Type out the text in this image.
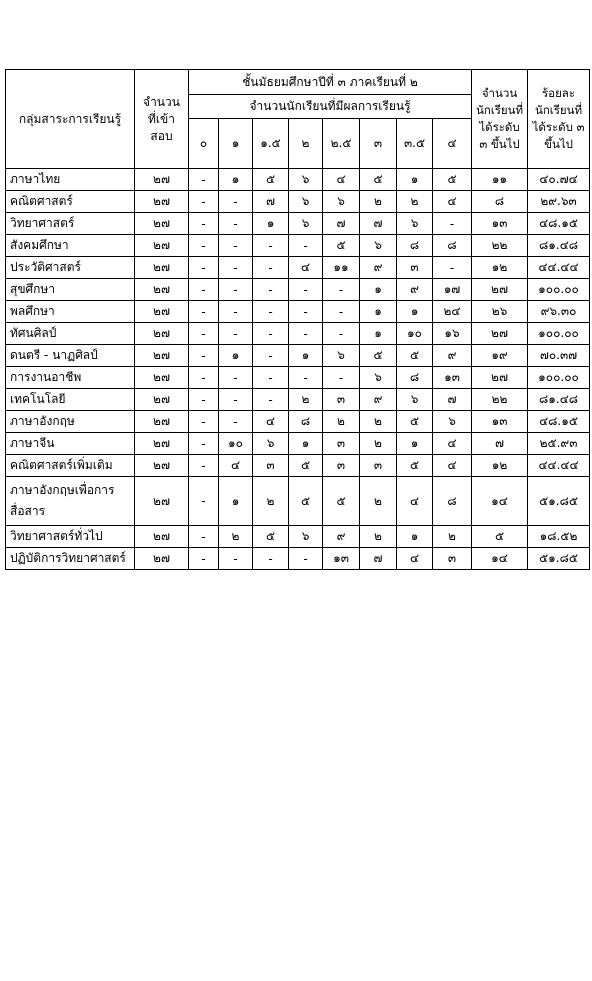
กลุ่มสาระการเรียนรู้	จำนวนที่เข้าสอบ	ชั้นมัธยมศึกษาปีที่ ๓ ภาคเรียนที่ ๒								จำนวนนักเรียนที่ได้ระดับ ๓ ขึ้นไป	ร้อยละนักเรียนที่ได้ระดับ ๓ ขึ้นไป

		จำนวนนักเรียนที่มีผลการเรียนรู้									
		๐	๑	๑.๕	๒	๒.๕	๓	๓.๕	๔		
ภาษาไทย	๒๗	-	๑	๕	๖	๔	๕	๑	๕	๑๑	๔๐.๗๔
คณิตศาสตร์	๒๗	-	-	๗	๖	๖	๒	๒	๔	๘	๒๙.๖๓
วิทยาศาสตร์	๒๗	-	-	๑	๖	๗	๗	๖	-	๑๓	๔๘.๑๕
สังคมศึกษา	๒๗	-	-	-	-	๕	๖	๘	๘	๒๒	๘๑.๔๘
ประวัติศาสตร์	๒๗	-	-	-	๔	๑๑	๙	๓	-	๑๒	๔๔.๔๔
สุขศึกษา	๒๗	-	-	-	-	-	๑	๙	๑๗	๒๗	๑๐๐.๐๐
พลศึกษา	๒๗	-	-	-	-	-	๑	๑	๒๔	๒๖	๙๖.๓๐
ทัศนศิลป์	๒๗	-	-	-	-	-	๑	๑๐	๑๖	๒๗	๑๐๐.๐๐
ดนตรี - นาฏศิลป์	๒๗	-	๑	-	๑	๖	๕	๕	๙	๑๙	๗๐.๓๗
การงานอาชีพ	๒๗	-	-	-	-	-	๖	๘	๑๓	๒๗	๑๐๐.๐๐
เทคโนโลยี	๒๗	-	-	-	๒	๓	๙	๖	๗	๒๒	๘๑.๔๘
ภาษาอังกฤษ	๒๗	-	-	๔	๘	๒	๒	๕	๖	๑๓	๔๘.๑๕
ภาษาจีน	๒๗	-	๑๐	๖	๑	๓	๒	๑	๔	๗	๒๕.๙๓
คณิตศาสตร์เพิ่มเติม	๒๗	-	๔	๓	๕	๓	๓	๕	๔	๑๒	๔๔.๔๔
ภาษาอังกฤษเพื่อการสื่อสาร	๒๗	-	๑	๒	๕	๕	๒	๔	๘	๑๔	๕๑.๘๕
วิทยาศาสตร์ทั่วไป	๒๗	-	๒	๕	๖	๙	๒	๑	๒	๕	๑๘.๕๒
ปฏิบัติการวิทยาศาสตร์	๒๗	-	-	-	-	๑๓	๗	๔	๓	๑๔	๕๑.๘๕
